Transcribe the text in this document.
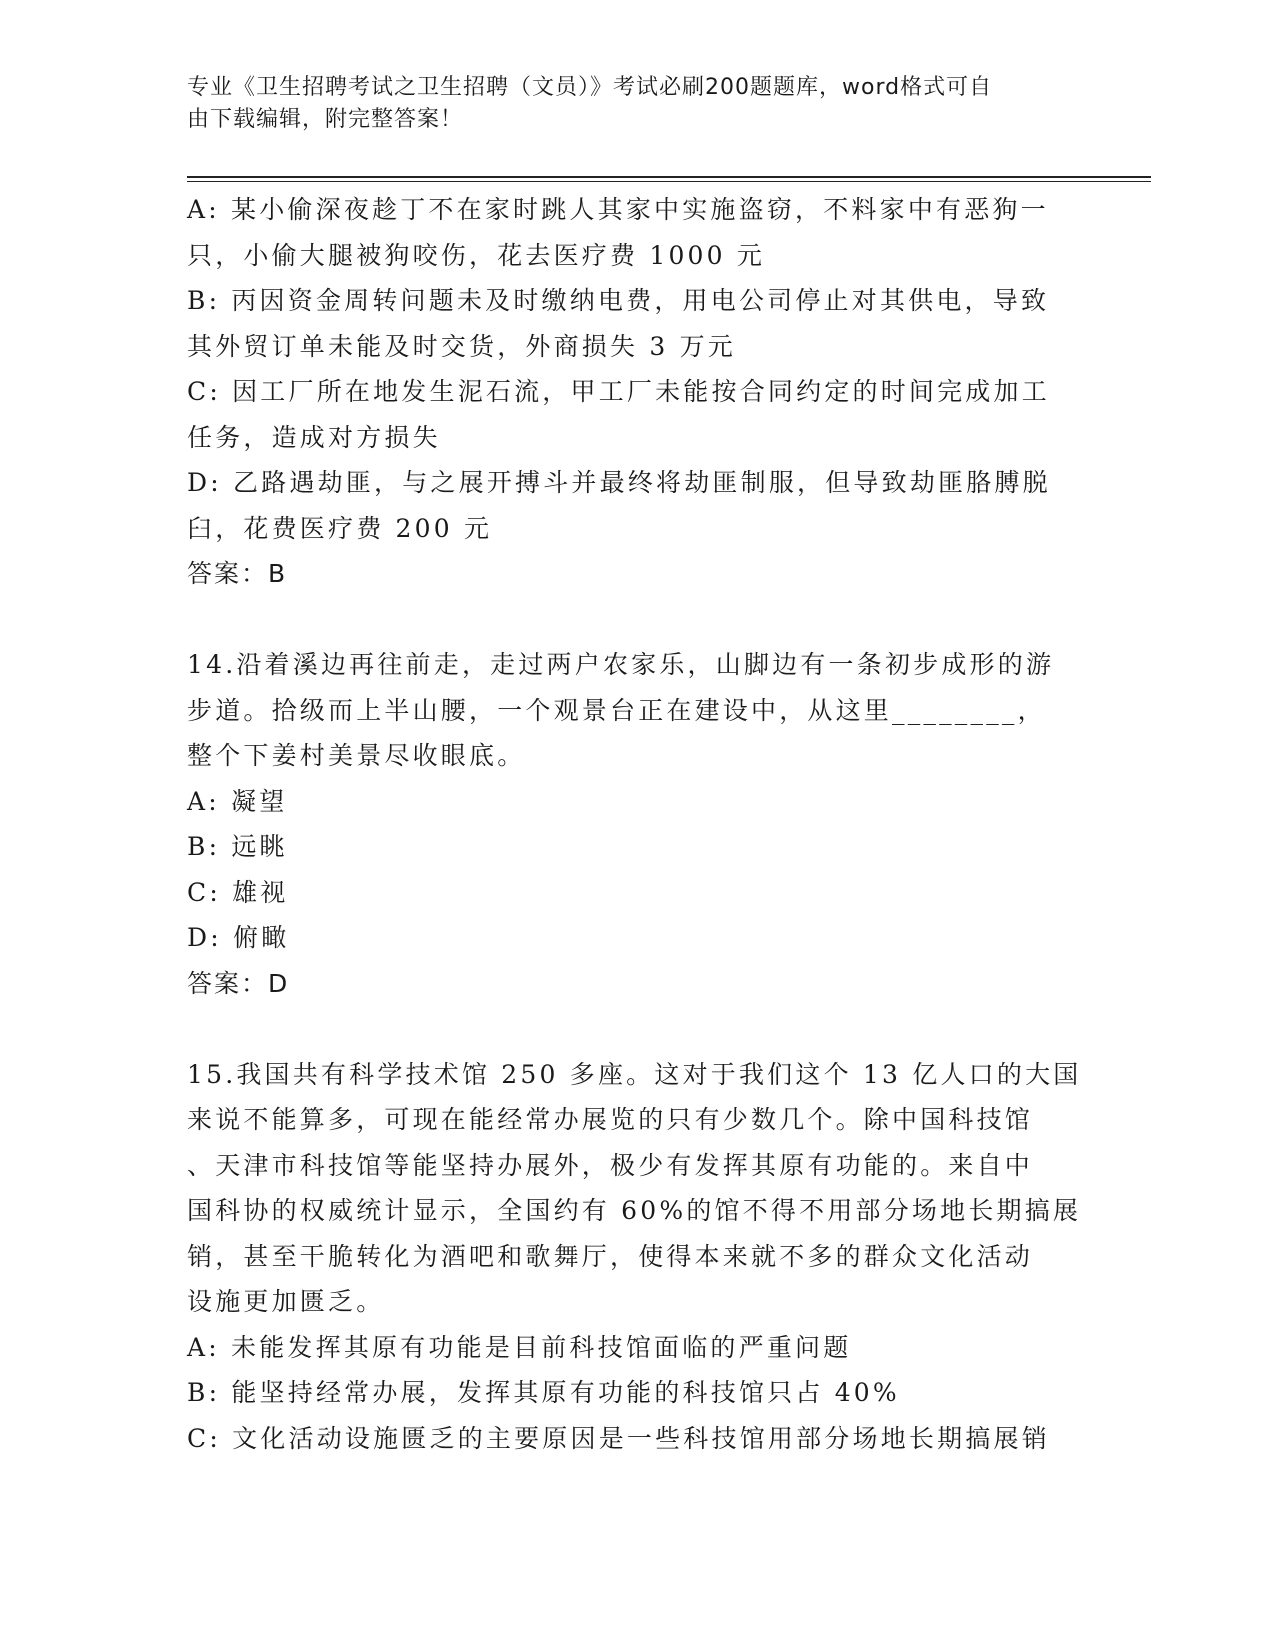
专业《卫生招聘考试之卫生招聘（文员）》考试必刷200题题库，word格式可自
由下载编辑，附完整答案！
A: 某小偷深夜趁丁不在家时跳人其家中实施盗窃，不料家中有恶狗一
只，小偷大腿被狗咬伤，花去医疗费 1000 元
B: 丙因资金周转问题未及时缴纳电费，用电公司停止对其供电，导致
其外贸订单未能及时交货，外商损失 3 万元
C: 因工厂所在地发生泥石流，甲工厂未能按合同约定的时间完成加工
任务，造成对方损失
D: 乙路遇劫匪，与之展开搏斗并最终将劫匪制服，但导致劫匪胳膊脱
臼，花费医疗费 200 元
答案：B
14.沿着溪边再往前走，走过两户农家乐，山脚边有一条初步成形的游
步道。拾级而上半山腰，一个观景台正在建设中，从这里________，
整个下姜村美景尽收眼底。
A: 凝望
B: 远眺
C: 雄视
D: 俯瞰
答案：D
15.我国共有科学技术馆 250 多座。这对于我们这个 13 亿人口的大国
来说不能算多，可现在能经常办展览的只有少数几个。除中国科技馆
、天津市科技馆等能坚持办展外，极少有发挥其原有功能的。来自中
国科协的权威统计显示，全国约有 60%的馆不得不用部分场地长期搞展
销，甚至干脆转化为酒吧和歌舞厅，使得本来就不多的群众文化活动
设施更加匮乏。
A: 未能发挥其原有功能是目前科技馆面临的严重问题
B: 能坚持经常办展，发挥其原有功能的科技馆只占 40%
C: 文化活动设施匮乏的主要原因是一些科技馆用部分场地长期搞展销
